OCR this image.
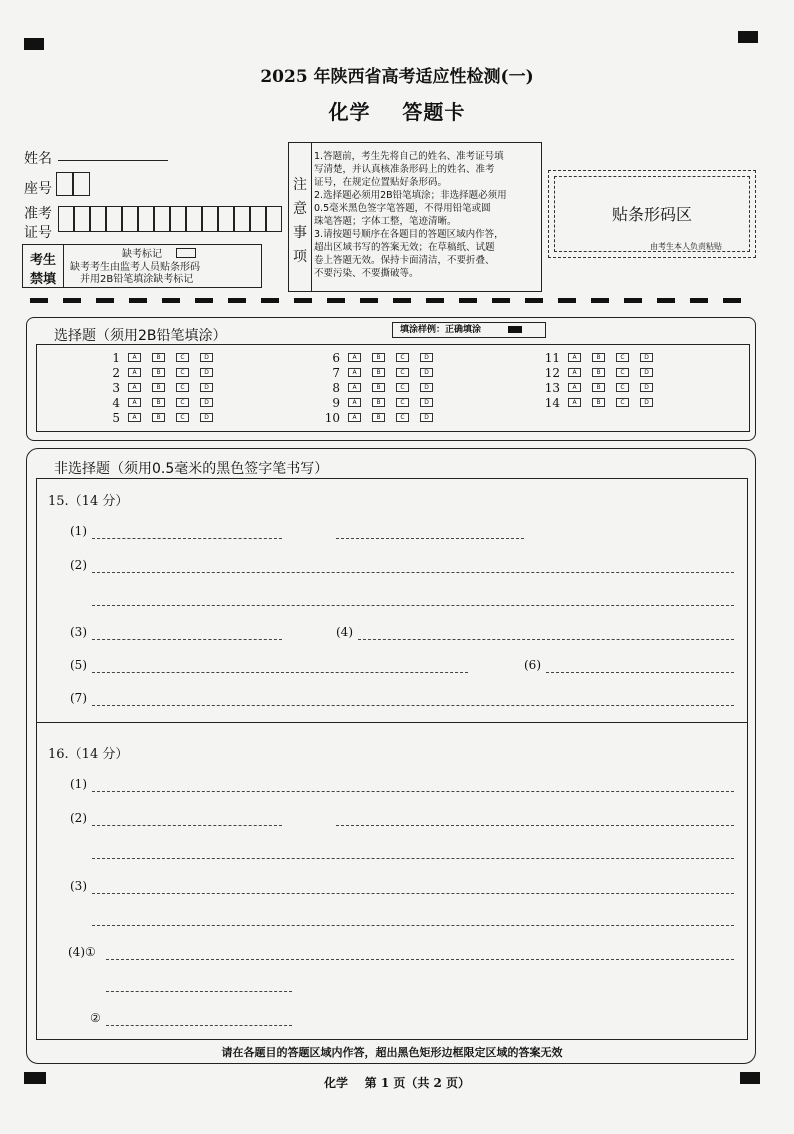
2025 年陕西省高考适应性检测(一)
化学    答题卡
姓名
座号
准考
证号
考生
禁填
缺考标记
缺考考生由监考人员贴条形码
并用2B铅笔填涂缺考标记
贴条形码区
由考生本人负责粘贴
选择题（须用2B铅笔填涂）	填涂样例：正确填涂
非选择题（须用0.5毫米的黑色签字笔书写）
15.（14 分）
(1)
(2)
(3)	(4)
(5)	(6)
(7)
16.（14 分）
(1)
(2)
(3)
(4)①
②
请在各题目的答题区域内作答，超出黑色矩形边框限定区域的答案无效
化学    第 1 页（共 2 页）
注
意
事
项
1.答题前，考生先将自己的姓名、准考证号填
写清楚，并认真核准条形码上的姓名、准考
证号，在规定位置贴好条形码。
2.选择题必须用2B铅笔填涂；非选择题必须用
0.5毫米黑色签字笔答题，不得用铅笔或圆
珠笔答题；字体工整，笔迹清晰。
3.请按题号顺序在各题目的答题区域内作答，
超出区域书写的答案无效；在草稿纸、试题
卷上答题无效。保持卡面清洁，不要折叠、
不要污染、不要撕破等。
1	A	B	C	D
2	A	B	C	D
3	A	B	C	D
4	A	B	C	D
5	A	B	C	D
6	A	B	C	D
7	A	B	C	D
8	A	B	C	D
9	A	B	C	D
10	A	B	C	D
11	A	B	C	D
12	A	B	C	D
13	A	B	C	D
14	A	B	C	D
